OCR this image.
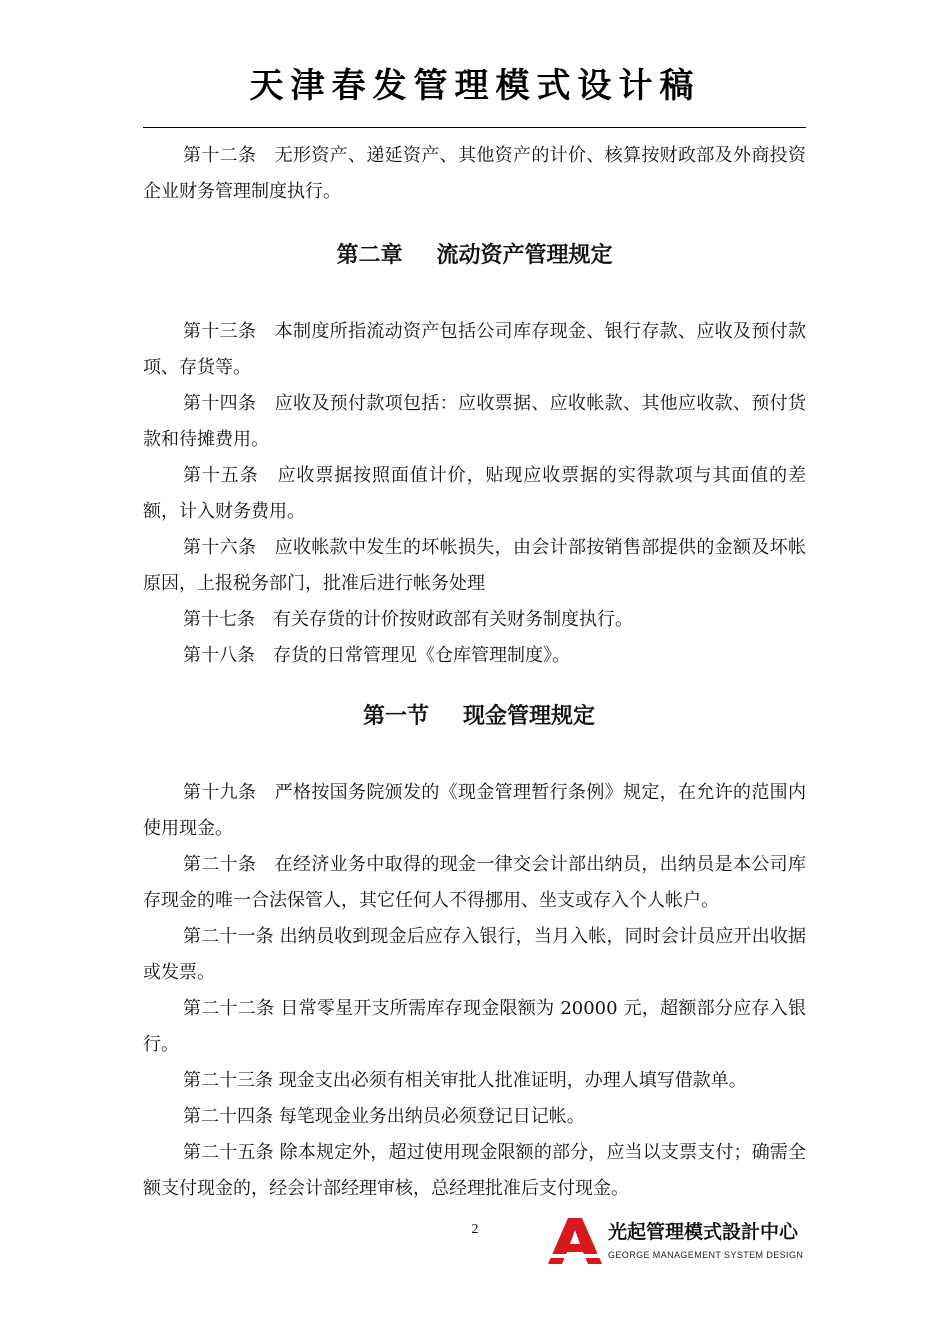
天津春发管理模式设计稿

第十二条　无形资产、递延资产、其他资产的计价、核算按财政部及外商投资企业财务管理制度执行。

第二章 流动资产管理规定

第十三条　本制度所指流动资产包括公司库存现金、银行存款、应收及预付款项、存货等。

第十四条　应收及预付款项包括：应收票据、应收帐款、其他应收款、预付货款和待摊费用。

第十五条　应收票据按照面值计价，贴现应收票据的实得款项与其面值的差额，计入财务费用。

第十六条　应收帐款中发生的坏帐损失，由会计部按销售部提供的金额及坏帐原因，上报税务部门，批准后进行帐务处理

第十七条　有关存货的计价按财政部有关财务制度执行。

第十八条　存货的日常管理见《仓库管理制度》。

第一节 现金管理规定

第十九条　严格按国务院颁发的《现金管理暂行条例》规定，在允许的范围内使用现金。

第二十条　在经济业务中取得的现金一律交会计部出纳员，出纳员是本公司库存现金的唯一合法保管人，其它任何人不得挪用、坐支或存入个人帐户。

第二十一条 出纳员收到现金后应存入银行，当月入帐，同时会计员应开出收据或发票。

第二十二条 日常零星开支所需库存现金限额为 20000 元，超额部分应存入银行。

第二十三条 现金支出必须有相关审批人批准证明，办理人填写借款单。

第二十四条 每笔现金业务出纳员必须登记日记帐。

第二十五条 除本规定外，超过使用现金限额的部分，应当以支票支付；确需全额支付现金的，经会计部经理审核，总经理批准后支付现金。

2	光起管理模式設計中心
GEORGE MANAGEMENT SYSTEM DESIGN
